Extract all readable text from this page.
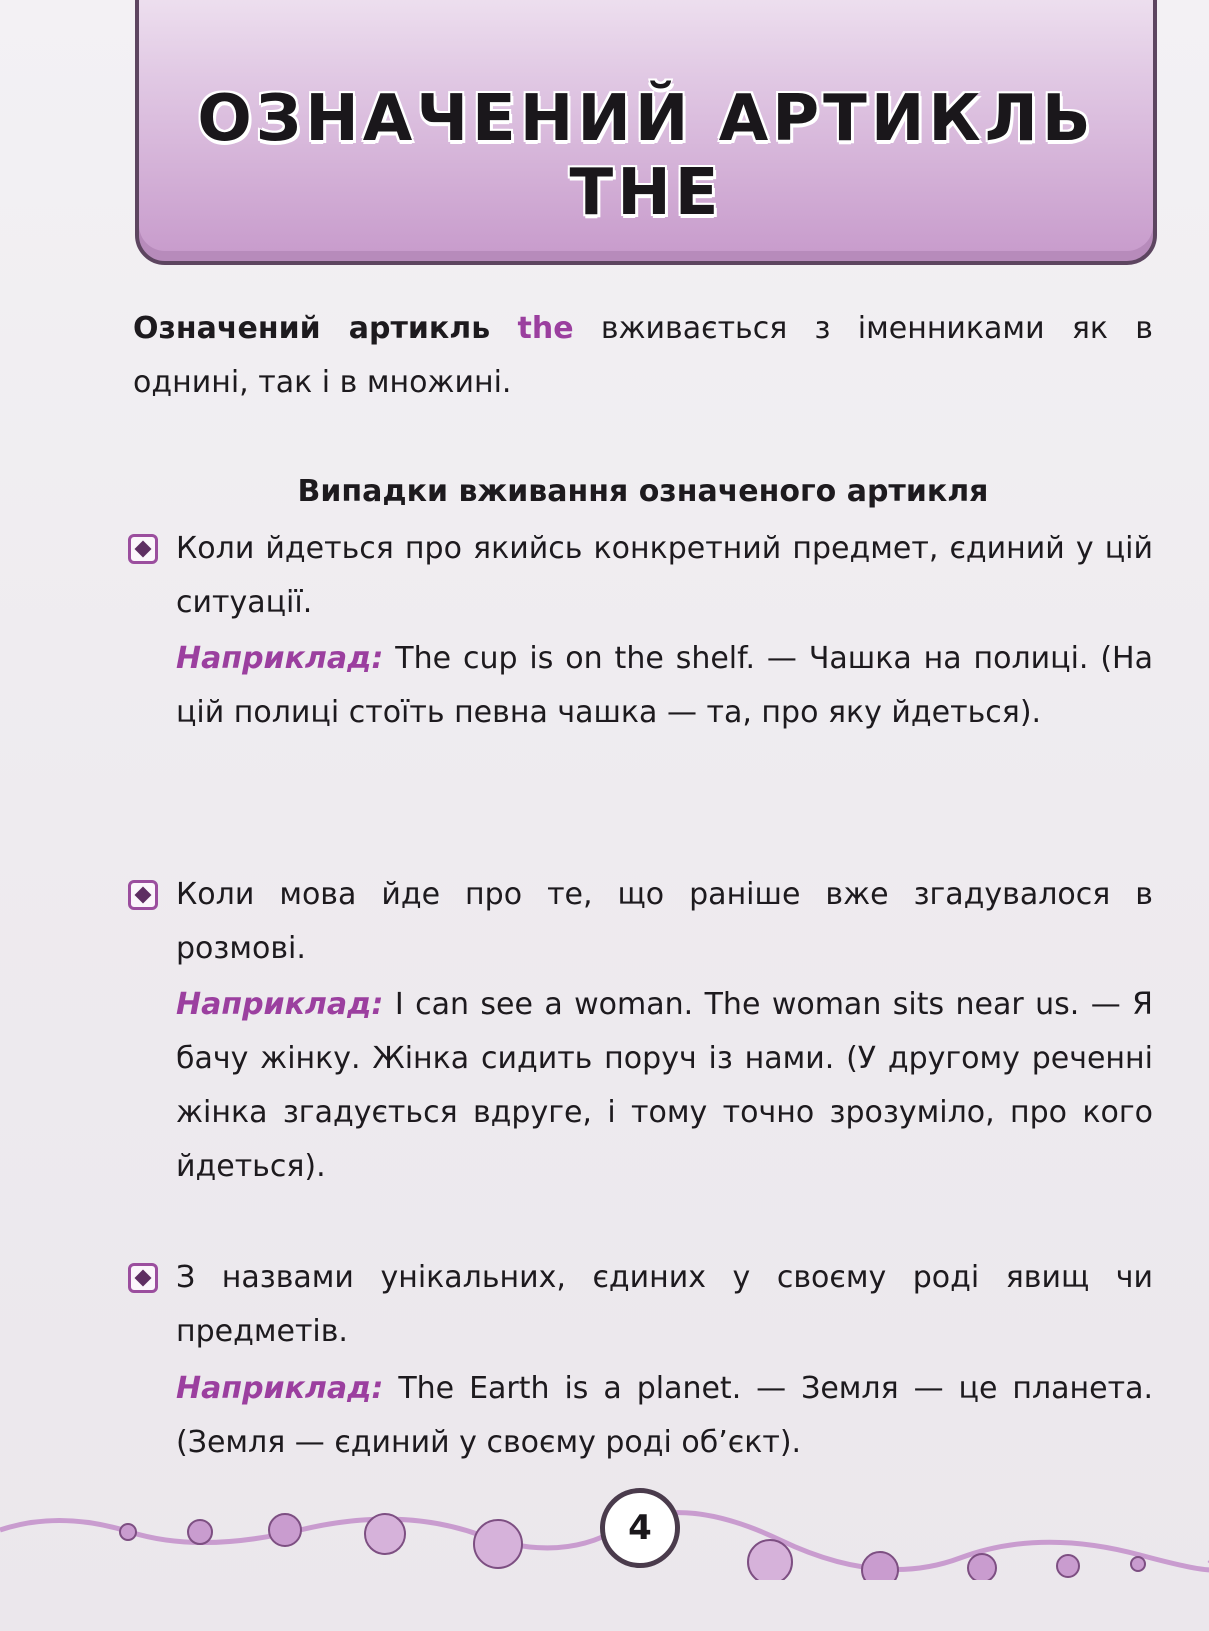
ОЗНАЧЕНИЙ АРТИКЛЬ THE
Означений артикль the вживається з іменниками як в однині, так і в множині.
Випадки вживання означеного артикля
Коли йдеться про якийсь конкретний предмет, єдиний у цій ситуації.
Наприклад: The cup is on the shelf. — Чашка на полиці. (На цій полиці стоїть певна чашка — та, про яку йдеться).
Коли мова йде про те, що раніше вже згадувалося в розмові.
Наприклад: I can see a woman. The woman sits near us. — Я бачу жінку. Жінка сидить поруч із нами. (У другому реченні жінка згадується вдруге, і тому точно зрозуміло, про кого йдеться).
З назвами унікальних, єдиних у своєму роді явищ чи предметів.
Наприклад: The Earth is a planet. — Земля — це планета. (Земля — єдиний у своєму роді об’єкт).
4
